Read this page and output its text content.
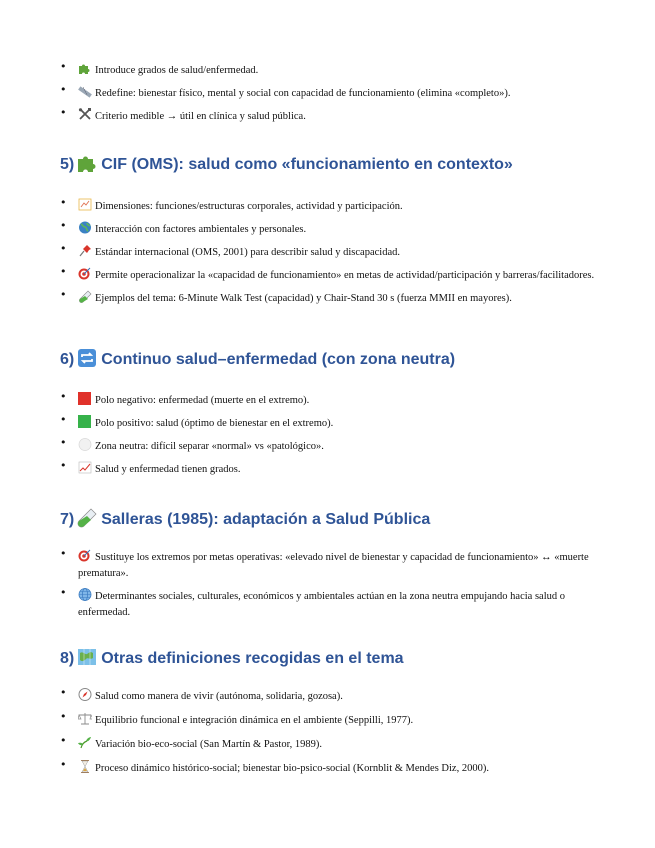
•	Introduce grados de salud/enfermedad.
•	Redefine: bienestar físico, mental y social con capacidad de funcionamiento (elimina «completo»).
•	Criterio medible → útil en clínica y salud pública.
5) CIF (OMS): salud como «funcionamiento en contexto»
•	Dimensiones: funciones/estructuras corporales, actividad y participación.
•	Interacción con factores ambientales y personales.
•	Estándar internacional (OMS, 2001) para describir salud y discapacidad.
•	Permite operacionalizar la «capacidad de funcionamiento» en metas de actividad/participación y barreras/facilitadores.
•	Ejemplos del tema: 6-Minute Walk Test (capacidad) y Chair-Stand 30 s (fuerza MMII en mayores).
6) Continuo salud–enfermedad (con zona neutra)
•	Polo negativo: enfermedad (muerte en el extremo).
•	Polo positivo: salud (óptimo de bienestar en el extremo).
•	Zona neutra: difícil separar «normal» vs «patológico».
•	Salud y enfermedad tienen grados.
7) Salleras (1985): adaptación a Salud Pública
•	Sustituye los extremos por metas operativas: «elevado nivel de bienestar y capacidad de funcionamiento» ↔ «muerte prematura».
•	Determinantes sociales, culturales, económicos y ambientales actúan en la zona neutra empujando hacia salud o enfermedad.
8) Otras definiciones recogidas en el tema
•	Salud como manera de vivir (autónoma, solidaria, gozosa).
•	Equilibrio funcional e integración dinámica en el ambiente (Seppilli, 1977).
•	Variación bio-eco-social (San Martín & Pastor, 1989).
•	Proceso dinámico histórico-social; bienestar bio-psico-social (Kornblit & Mendes Diz, 2000).
